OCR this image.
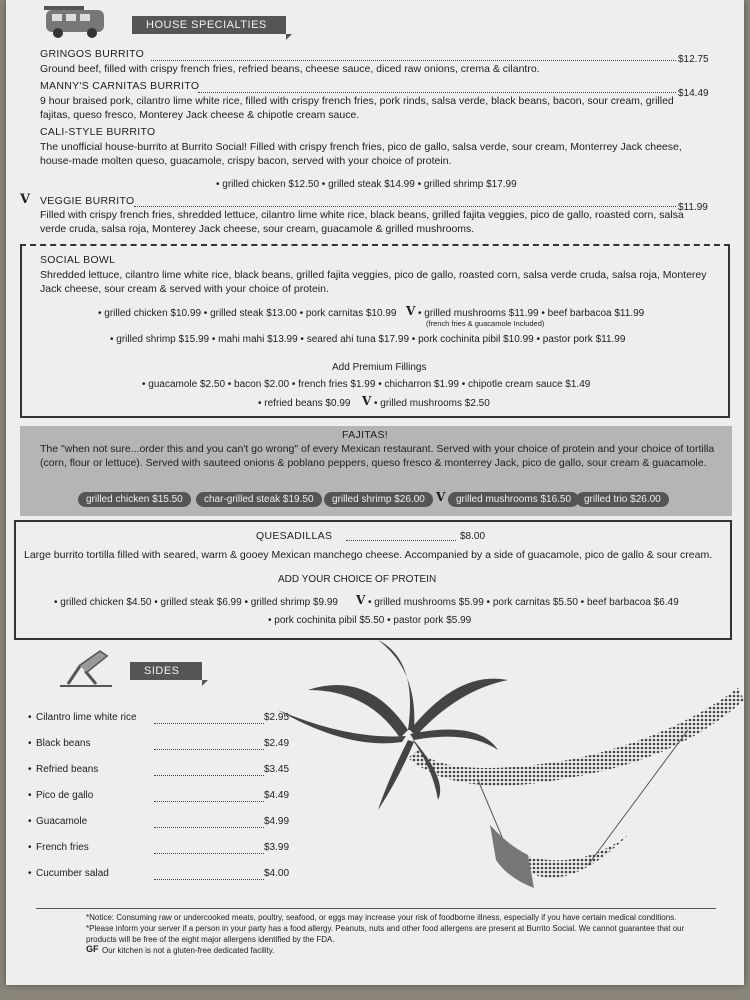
HOUSE SPECIALTIES
GRINGOS BURRITO	$12.75
Ground beef, filled with crispy french fries, refried beans, cheese sauce, diced raw onions, crema & cilantro.
MANNY'S CARNITAS BURRITO
$14.49
9 hour braised pork, cilantro lime white rice, filled with crispy french fries, pork rinds, salsa verde, black beans, bacon, sour cream, grilled fajitas, queso fresco, Monterey Jack cheese & chipotle cream sauce.
CALI-STYLE BURRITO
The unofficial house-burrito at Burrito Social! Filled with crispy french fries, pico de gallo, salsa verde, sour cream, Monterrey Jack cheese, house-made molten queso, guacamole, crispy bacon, served with your choice of protein.
• grilled chicken $12.50 • grilled steak $14.99 • grilled shrimp $17.99
V VEGGIE BURRITO
$11.99
Filled with crispy french fries, shredded lettuce, cilantro lime white rice, black beans, grilled fajita veggies, pico de gallo, roasted corn, salsa verde cruda, salsa roja, Monterey Jack cheese, sour cream, guacamole & grilled mushrooms.
SOCIAL BOWL
Shredded lettuce, cilantro lime white rice, black beans, grilled fajita veggies, pico de gallo, roasted corn, salsa verde cruda, salsa roja, Monterey Jack cheese, sour cream & served with your choice of protein.
• grilled chicken $10.99 • grilled steak $13.00 • pork carnitas $10.99 V • grilled mushrooms $11.99 • beef barbacoa $11.99
(french fries & guacamole Included)
• grilled shrimp $15.99 • mahi mahi $13.99 • seared ahi tuna $17.99 • pork cochinita pibil $10.99 • pastor pork $11.99
Add Premium Fillings
• guacamole $2.50 • bacon $2.00 • french fries $1.99 • chicharron $1.99 • chipotle cream sauce $1.49
• refried beans $0.99 V • grilled mushrooms $2.50
FAJITAS!
The "when not sure...order this and you can't go wrong" of every Mexican restaurant. Served with your choice of protein and your choice of tortilla (corn, flour or lettuce). Served with sauteed onions & poblano peppers, queso fresco & monterrey Jack, pico de gallo, sour cream & guacamole.
grilled chicken $15.50	char-grilled steak $19.50	grilled shrimp $26.00 V	grilled mushrooms $16.50	grilled trio $26.00
QUESADILLAS	$8.00
Large burrito tortilla filled with seared, warm & gooey Mexican manchego cheese. Accompanied by a side of guacamole, pico de gallo & sour cream.
ADD YOUR CHOICE OF PROTEIN
• grilled chicken $4.50 • grilled steak $6.99 • grilled shrimp $9.99 V • grilled mushrooms $5.99 • pork carnitas $5.50 • beef barbacoa $6.49
• pork cochinita pibil $5.50 • pastor pork $5.99
SIDES
• Cilantro lime white rice	$2.95
• Black beans	$2.49
• Refried beans	$3.45
• Pico de gallo	$4.49
• Guacamole	$4.99
• French fries	$3.99
• Cucumber salad	$4.00
*Notice: Consuming raw or undercooked meats, poultry, seafood, or eggs may increase your risk of foodborne illness, especially if you have certain medical conditions.
*Please inform your server if a person in your party has a food allergy. Peanuts, nuts and other food allergens are present at Burrito Social. We cannot guarantee that our products will be free of the eight major allergens identified by the FDA.
GF Our kitchen is not a gluten-free dedicated facility.
